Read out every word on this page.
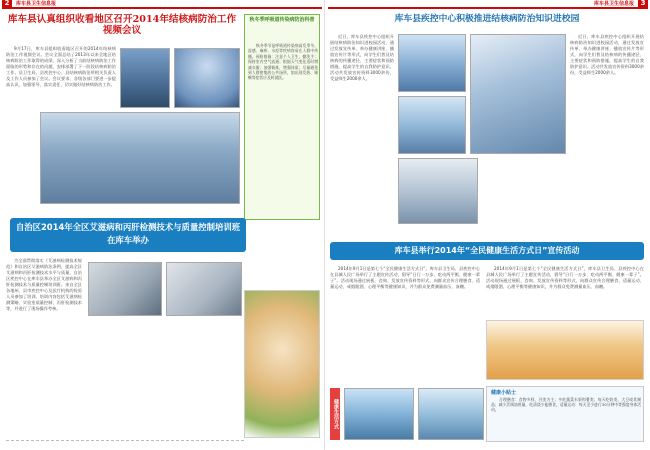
2	库车县卫生信息报
库车县认真组织收看地区召开2014年结核病防治工作视频会议

9月17日，库车县组织收看地区召开的2014年结核病防治工作视频会议。会议全面总结了2013年以来全地区结核病防治工作取得的成绩，深入分析了当前结核病防治工作面临的形势和存在的问题，安排部署了下一阶段结核病防治工作。县卫生局、县疾控中心、县结核病防治所相关负责人及工作人员参加了会议。会议要求，各级各部门要进一步提高认识，加强领导，落实责任，切实做好结核病防治工作。

秋冬季呼吸道传染病防治科普

秋冬季节是呼吸道传染病高发季节，流感、麻疹、水痘等疾病容易在人群中传播。预防措施：注意个人卫生，勤洗手；保持室内空气流通；根据天气变化适时增减衣服；加强锻炼，增强体质；尽量避免到人群密集的公共场所，如出现发热、咳嗽等症状应及时就医。

自治区2014年全区艾滋病和丙肝检测技术与质量控制培训班在库车举办

为全面贯彻落实《艾滋病检测技术规范》和自治区艾滋病防治条例，提高全区艾滋病和丙肝检测技术水平与质量，自治区疾控中心在库车县举办全区艾滋病和丙肝检测技术与质量控制培训班。来自全区各地州、县市疾控中心及医疗机构的检验人员参加了培训。培训内容包括艾滋病检测策略、实验室质量控制、丙肝检测技术等，并进行了现场操作考核。

库车县卫生信息报 3
库车县疾控中心积极推进结核病防治知识进校园

近日，库车县疾控中心组织开展结核病防治知识进校园活动，通过发放宣传单、举办健康讲座、播放宣传片等形式，向学生们普及结核病的传播途径、主要症状和预防措施，提高学生的自我防护意识。活动共发放宣传资料3000余份，受益师生2000余人。

近日，库车县疾控中心组织开展结核病防治知识进校园活动，通过发放宣传单、举办健康讲座、播放宣传片等形式，向学生们普及结核病的传播途径、主要症状和预防措施，提高学生的自我防护意识。活动共发放宣传资料3000余份，受益师生2000余人。

库车县举行2014年“全民健康生活方式日”宣传活动

2014年9月1日是第七个“全民健康生活方式日”，库车县卫生局、县疾控中心在县城人民广场举行了主题宣传活动，倡导“日行一万步、吃动两平衡、健康一辈子”。活动现场通过展板、咨询、发放宣传资料等形式，向群众宣传合理膳食、适量运动、戒烟限酒、心理平衡等健康知识，并为群众免费测量血压、血糖。

2014年9月1日是第七个“全民健康生活方式日”，库车县卫生局、县疾控中心在县城人民广场举行了主题宣传活动，倡导“日行一万步、吃动两平衡、健康一辈子”。活动现场通过展板、咨询、发放宣传资料等形式，向群众宣传合理膳食、适量运动、戒烟限酒、心理平衡等健康知识，并为群众免费测量血压、血糖。

健康生活方式
健康小贴士

合理膳食：食物多样，谷类为主；多吃蔬菜水果和薯类；每天吃奶类、大豆或其制品；减少烹调油用量，吃清淡少盐膳食。适量运动：每天至少进行30分钟中等强度身体活动。
